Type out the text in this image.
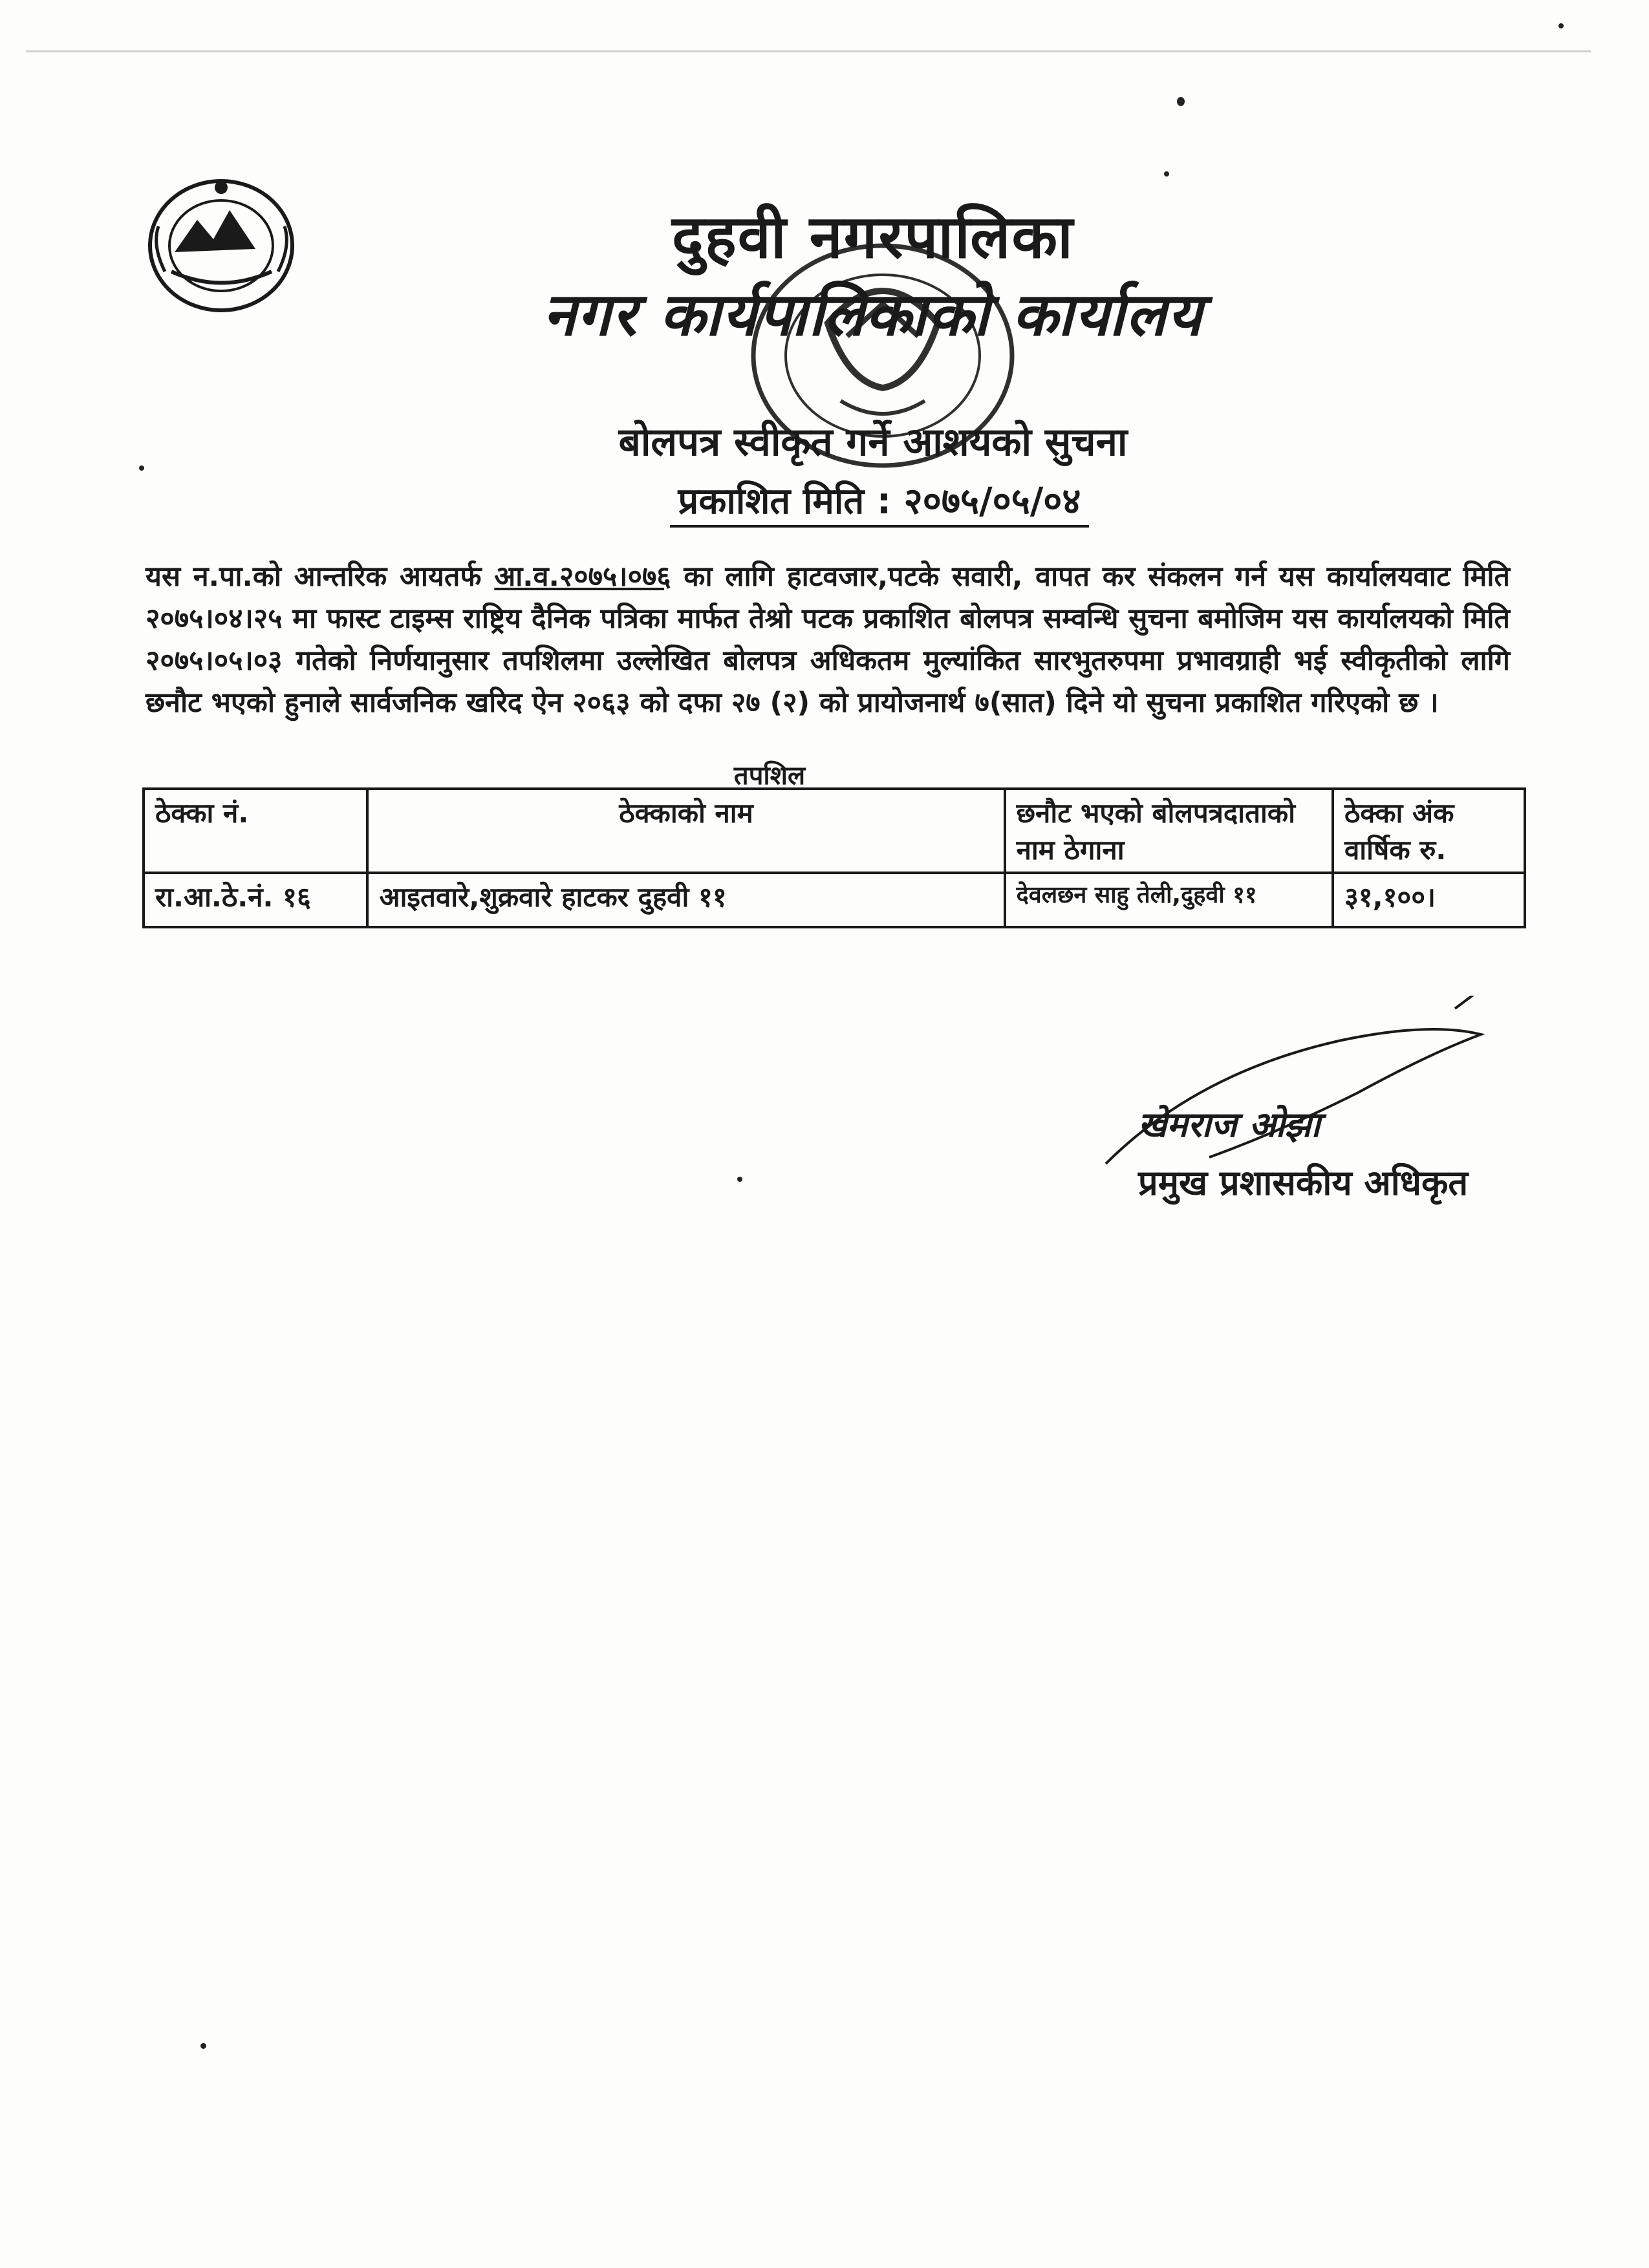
दुहवी नगरपालिका
नगर कार्यपालिकाको कार्यालय
बोलपत्र स्वीकृत गर्ने आशयको सुचना
प्रकाशित मिति : २०७५/०५/०४
यस न.पा.को आन्तरिक आयतर्फ आ.व.२०७५।०७६ का लागि हाटवजार,पटके सवारी, वापत कर संकलन गर्न यस कार्यालयवाट मिति २०७५।०४।२५ मा फास्ट टाइम्स राष्ट्रिय दैनिक पत्रिका मार्फत तेश्रो पटक प्रकाशित बोलपत्र सम्वन्धि सुचना बमोजिम यस कार्यालयको मिति २०७५।०५।०३ गतेको निर्णयानुसार तपशिलमा उल्लेखित बोलपत्र अधिकतम मुल्यांकित सारभुतरुपमा प्रभावग्राही भई स्वीकृतीको लागि छनौट भएको हुनाले सार्वजनिक खरिद ऐन २०६३ को दफा २७ (२) को प्रायोजनार्थ ७(सात) दिने यो सुचना प्रकाशित गरिएको छ ।
तपशिल
ठेक्का नं.	ठेक्काको नाम	छनौट भएको बोलपत्रदाताको नाम ठेगाना	ठेक्का अंक वार्षिक रु.
रा.आ.ठे.नं. १६	आइतवारे,शुक्रवारे हाटकर दुहवी ११	देवलछन साहु तेली,दुहवी ११	३१,१००।
खेमराज ओझा
प्रमुख प्रशासकीय अधिकृत
